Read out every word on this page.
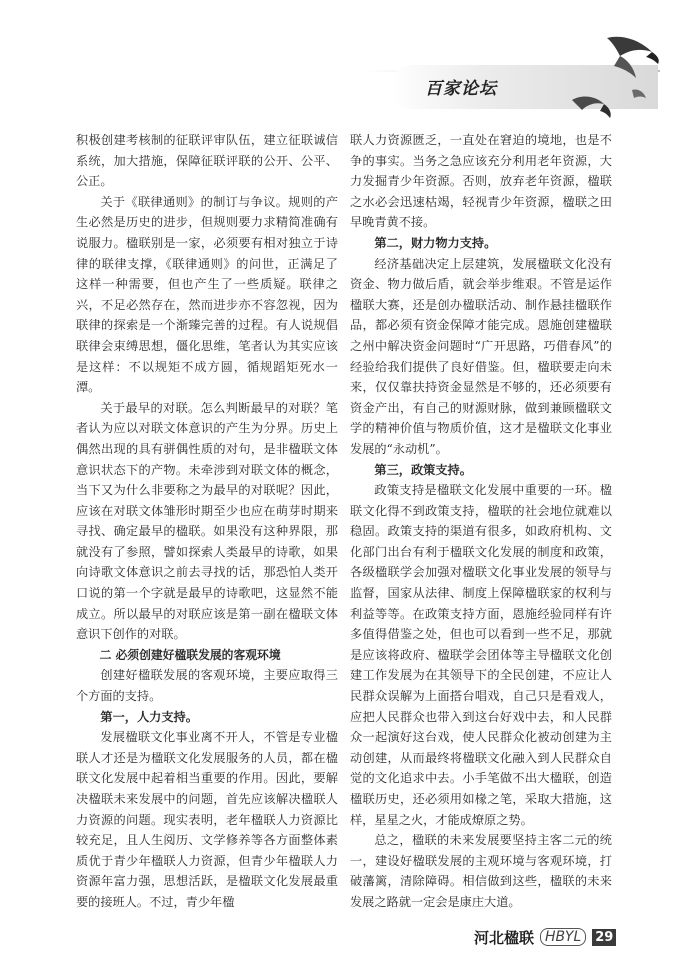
百家论坛

积极创建考核制的征联评审队伍，建立征联诚信系统，加大措施，保障征联评联的公开、公平、公正。

关于《联律通则》的制订与争议。规则的产生必然是历史的进步，但规则要力求精简准确有说服力。楹联别是一家，必须要有相对独立于诗律的联律支撑，《联律通则》的问世，正满足了这样一种需要，但也产生了一些质疑。联律之兴，不足必然存在，然而进步亦不容忽视，因为联律的探索是一个渐臻完善的过程。有人说规倡联律会束缚思想，僵化思维，笔者认为其实应该是这样：不以规矩不成方圆，循规蹈矩死水一潭。

关于最早的对联。怎么判断最早的对联？笔者认为应以对联文体意识的产生为分界。历史上偶然出现的具有骈偶性质的对句，是非楹联文体意识状态下的产物。未牵涉到对联文体的概念，当下又为什么非要称之为最早的对联呢？因此，应该在对联文体雏形时期至少也应在萌芽时期来寻找、确定最早的楹联。如果没有这种界限，那就没有了参照，譬如探索人类最早的诗歌，如果向诗歌文体意识之前去寻找的话，那恐怕人类开口说的第一个字就是最早的诗歌吧，这显然不能成立。所以最早的对联应该是第一副在楹联文体意识下创作的对联。

二 必须创建好楹联发展的客观环境

创建好楹联发展的客观环境，主要应取得三个方面的支持。

第一，人力支持。

发展楹联文化事业离不开人，不管是专业楹联人才还是为楹联文化发展服务的人员，都在楹联文化发展中起着相当重要的作用。因此，要解决楹联未来发展中的问题，首先应该解决楹联人力资源的问题。现实表明，老年楹联人力资源比较充足，且人生阅历、文学修养等各方面整体素质优于青少年楹联人力资源，但青少年楹联人力资源年富力强，思想活跃，是楹联文化发展最重要的接班人。不过，青少年楹

联人力资源匮乏，一直处在窘迫的境地，也是不争的事实。当务之急应该充分利用老年资源，大力发掘青少年资源。否则，放弃老年资源，楹联之水必会迅速枯竭，轻视青少年资源，楹联之田早晚青黄不接。

第二，财力物力支持。

经济基础决定上层建筑，发展楹联文化没有资金、物力做后盾，就会举步维艰。不管是运作楹联大赛，还是创办楹联活动、制作悬挂楹联作品，都必须有资金保障才能完成。恩施创建楹联之州中解决资金问题时“广开思路，巧借春风”的经验给我们提供了良好借鉴。但，楹联要走向未来，仅仅靠扶持资金显然是不够的，还必须要有资金产出，有自己的财源财脉，做到兼顾楹联文学的精神价值与物质价值，这才是楹联文化事业发展的“永动机”。

第三，政策支持。

政策支持是楹联文化发展中重要的一环。楹联文化得不到政策支持，楹联的社会地位就难以稳固。政策支持的渠道有很多，如政府机构、文化部门出台有利于楹联文化发展的制度和政策，各级楹联学会加强对楹联文化事业发展的领导与监督，国家从法律、制度上保障楹联家的权利与利益等等。在政策支持方面，恩施经验同样有许多值得借鉴之处，但也可以看到一些不足，那就是应该将政府、楹联学会团体等主导楹联文化创建工作发展为在其领导下的全民创建，不应让人民群众误解为上面搭台唱戏，自己只是看戏人，应把人民群众也带入到这台好戏中去，和人民群众一起演好这台戏，使人民群众化被动创建为主动创建，从而最终将楹联文化融入到人民群众自觉的文化追求中去。小手笔做不出大楹联，创造楹联历史，还必须用如椽之笔，采取大措施，这样，星星之火，才能成燎原之势。

总之，楹联的未来发展要坚持主客二元的统一，建设好楹联发展的主观环境与客观环境，打破藩篱，清除障碍。相信做到这些，楹联的未来发展之路就一定会是康庄大道。

河北楹联 HBYL	29
